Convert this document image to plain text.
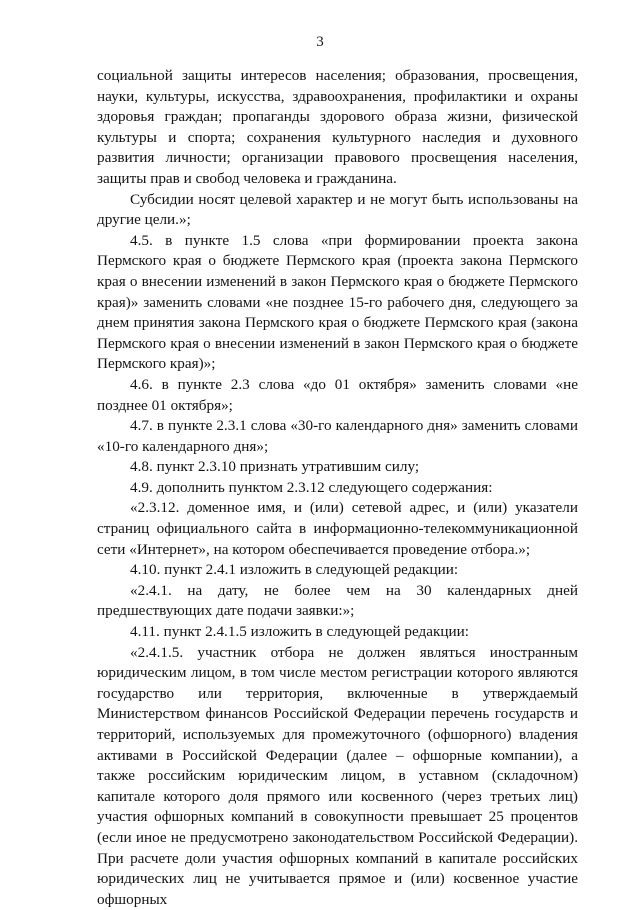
3

социальной защиты интересов населения; образования, просвещения, науки, культуры, искусства, здравоохранения, профилактики и охраны здоровья граждан; пропаганды здорового образа жизни, физической культуры и спорта; сохранения культурного наследия и духовного развития личности; организации правового просвещения населения, защиты прав и свобод человека и гражданина.

Субсидии носят целевой характер и не могут быть использованы на другие цели.»;

4.5. в пункте 1.5 слова «при формировании проекта закона Пермского края о бюджете Пермского края (проекта закона Пермского края о внесении изменений в закон Пермского края о бюджете Пермского края)» заменить словами «не позднее 15-го рабочего дня, следующего за днем принятия закона Пермского края о бюджете Пермского края (закона Пермского края о внесении изменений в закон Пермского края о бюджете Пермского края)»;

4.6. в пункте 2.3 слова «до 01 октября» заменить словами «не позднее 01 октября»;

4.7. в пункте 2.3.1 слова «30-го календарного дня» заменить словами «10-го календарного дня»;

4.8. пункт 2.3.10 признать утратившим силу;

4.9. дополнить пунктом 2.3.12 следующего содержания:

«2.3.12. доменное имя, и (или) сетевой адрес, и (или) указатели страниц официального сайта в информационно-телекоммуникационной сети «Интернет», на котором обеспечивается проведение отбора.»;

4.10. пункт 2.4.1 изложить в следующей редакции:

«2.4.1. на дату, не более чем на 30 календарных дней предшествующих дате подачи заявки:»;

4.11. пункт 2.4.1.5 изложить в следующей редакции:

«2.4.1.5. участник отбора не должен являться иностранным юридическим лицом, в том числе местом регистрации которого являются государство или территория, включенные в утверждаемый Министерством финансов Российской Федерации перечень государств и территорий, используемых для промежуточного (офшорного) владения активами в Российской Федерации (далее – офшорные компании), а также российским юридическим лицом, в уставном (складочном) капитале которого доля прямого или косвенного (через третьих лиц) участия офшорных компаний в совокупности превышает 25 процентов (если иное не предусмотрено законодательством Российской Федерации). При расчете доли участия офшорных компаний в капитале российских юридических лиц не учитывается прямое и (или) косвенное участие офшорных
